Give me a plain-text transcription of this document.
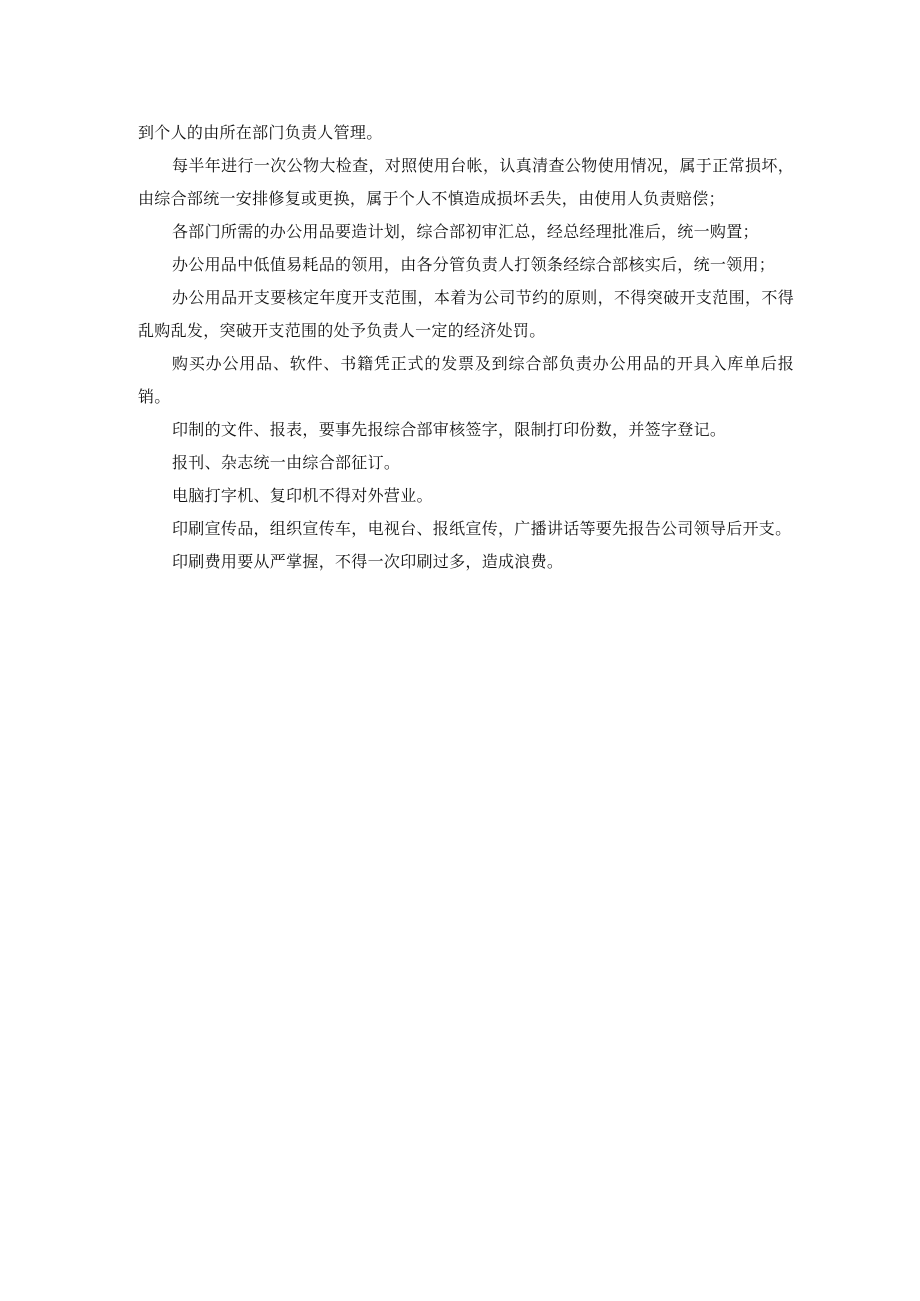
到个人的由所在部门负责人管理。

每半年进行一次公物大检查，对照使用台帐，认真清查公物使用情况，属于正常损坏，由综合部统一安排修复或更换，属于个人不慎造成损坏丢失，由使用人负责赔偿；

各部门所需的办公用品要造计划，综合部初审汇总，经总经理批准后，统一购置；

办公用品中低值易耗品的领用，由各分管负责人打领条经综合部核实后，统一领用；

办公用品开支要核定年度开支范围，本着为公司节约的原则，不得突破开支范围，不得乱购乱发，突破开支范围的处予负责人一定的经济处罚。

购买办公用品、软件、书籍凭正式的发票及到综合部负责办公用品的开具入库单后报销。

印制的文件、报表，要事先报综合部审核签字，限制打印份数，并签字登记。

报刊、杂志统一由综合部征订。

电脑打字机、复印机不得对外营业。

印刷宣传品，组织宣传车，电视台、报纸宣传，广播讲话等要先报告公司领导后开支。

印刷费用要从严掌握，不得一次印刷过多，造成浪费。
